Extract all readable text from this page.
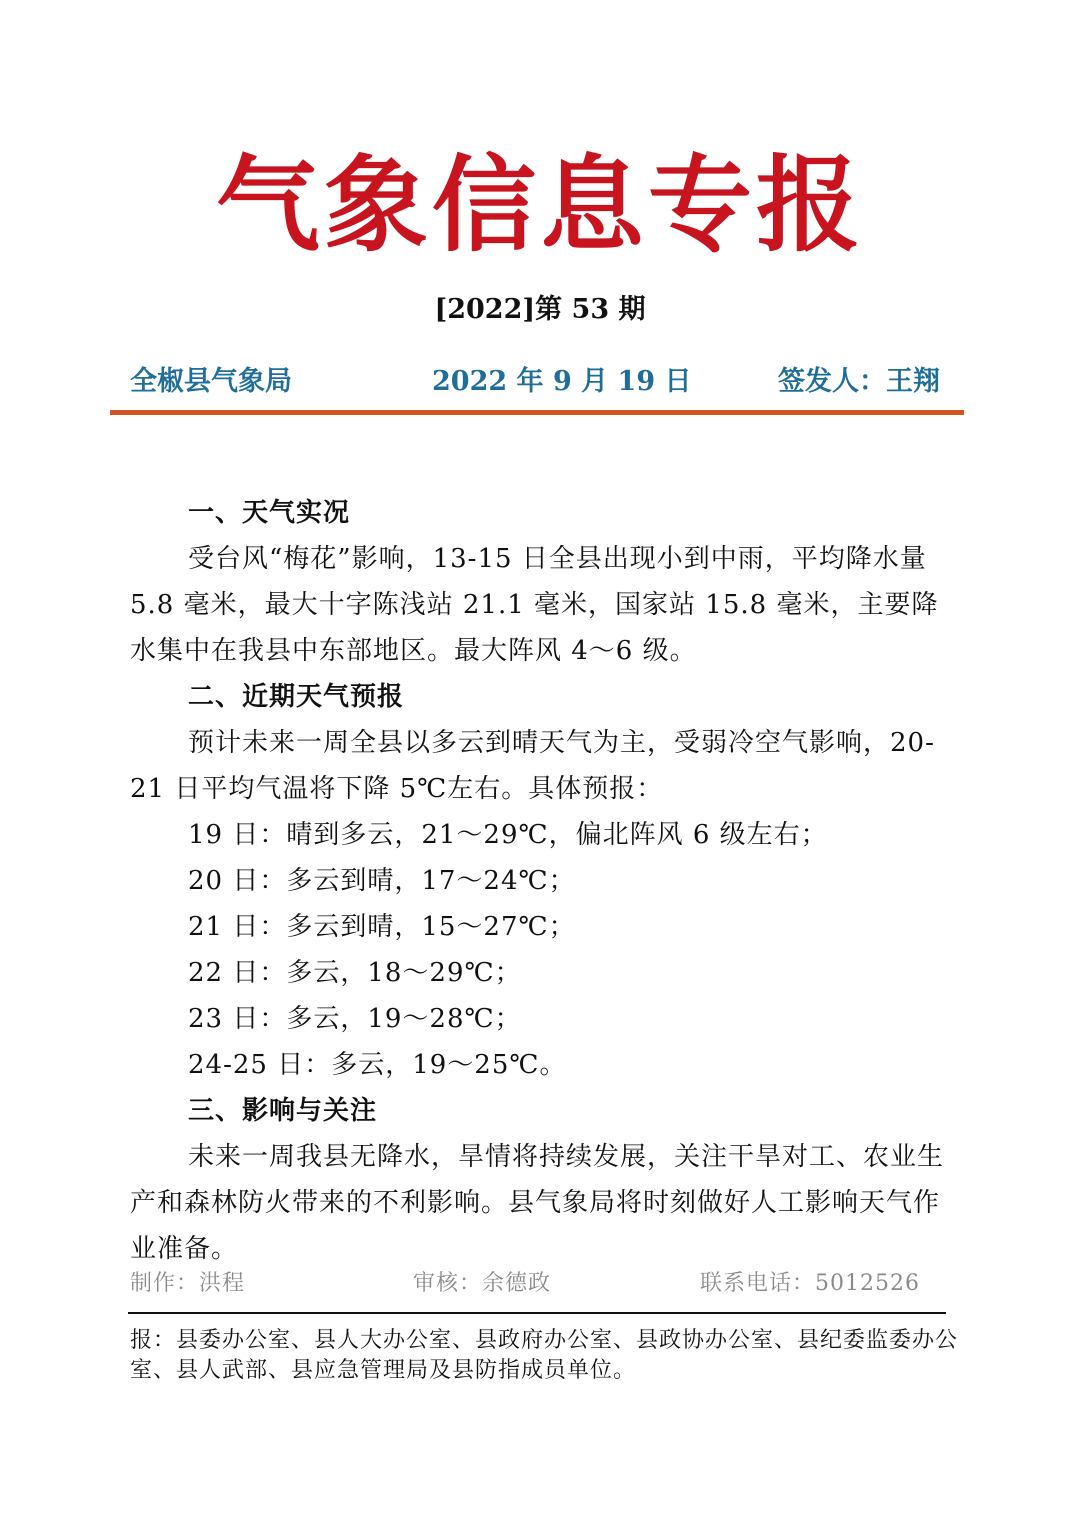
气象信息专报
[2022]第 53 期
全椒县气象局	2022 年 9 月 19 日	签发人：王翔

一、天气实况

受台风“梅花”影响，13-15 日全县出现小到中雨，平均降水量 5.8 毫米，最大十字陈浅站 21.1 毫米，国家站 15.8 毫米，主要降水集中在我县中东部地区。最大阵风 4～6 级。

二、近期天气预报

预计未来一周全县以多云到晴天气为主，受弱冷空气影响，20-21 日平均气温将下降 5℃左右。具体预报：

19 日：晴到多云，21～29℃，偏北阵风 6 级左右；

20 日：多云到晴，17～24℃；

21 日：多云到晴，15～27℃；

22 日：多云，18～29℃；

23 日：多云，19～28℃；

24-25 日：多云，19～25℃。

三、影响与关注

未来一周我县无降水，旱情将持续发展，关注干旱对工、农业生产和森林防火带来的不利影响。县气象局将时刻做好人工影响天气作业准备。

制作：洪程	审核：余德政	联系电话：5012526
报：县委办公室、县人大办公室、县政府办公室、县政协办公室、县纪委监委办公室、县人武部、县应急管理局及县防指成员单位。
